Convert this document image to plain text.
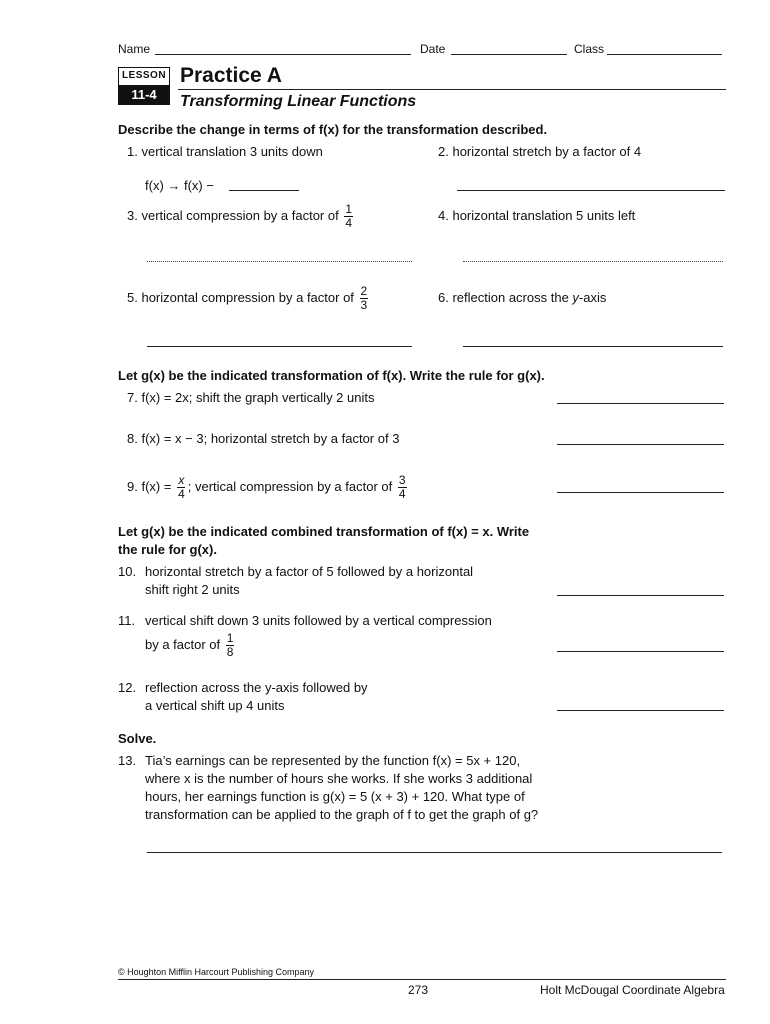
Name	Date	Class
LESSON
11-4
Practice A
Transforming Linear Functions
Describe the change in terms of f(x) for the transformation described.
1. vertical translation 3 units down	2. horizontal stretch by a factor of 4
f(x) → f(x) −
3. vertical compression by a factor of $\frac{1}{4}$	4. horizontal translation 5 units left
5. horizontal compression by a factor of $\frac{2}{3}$	6. reflection across the y-axis
Let g(x) be the indicated transformation of f(x). Write the rule for g(x).
7. f(x) = 2x; shift the graph vertically 2 units
8. f(x) = x − 3; horizontal stretch by a factor of 3
9. $f(x) = \frac{x}{4}$ ; vertical compression by a factor of $\frac{3}{4}$
Let g(x) be the indicated combined transformation of f(x) = x. Write
the rule for g(x).
10. horizontal stretch by a factor of 5 followed by a horizontal
shift right 2 units
11. vertical shift down 3 units followed by a vertical compression
by a factor of $\frac{1}{8}$
12. reflection across the y-axis followed by
a vertical shift up 4 units
Solve.
13. Tia’s earnings can be represented by the function f(x) = 5x + 120,
where x is the number of hours she works. If she works 3 additional
hours, her earnings function is g(x) = 5 (x + 3) + 120. What type of
transformation can be applied to the graph of f to get the graph of g?
© Houghton Mifflin Harcourt Publishing Company
273	Holt McDougal Coordinate Algebra
